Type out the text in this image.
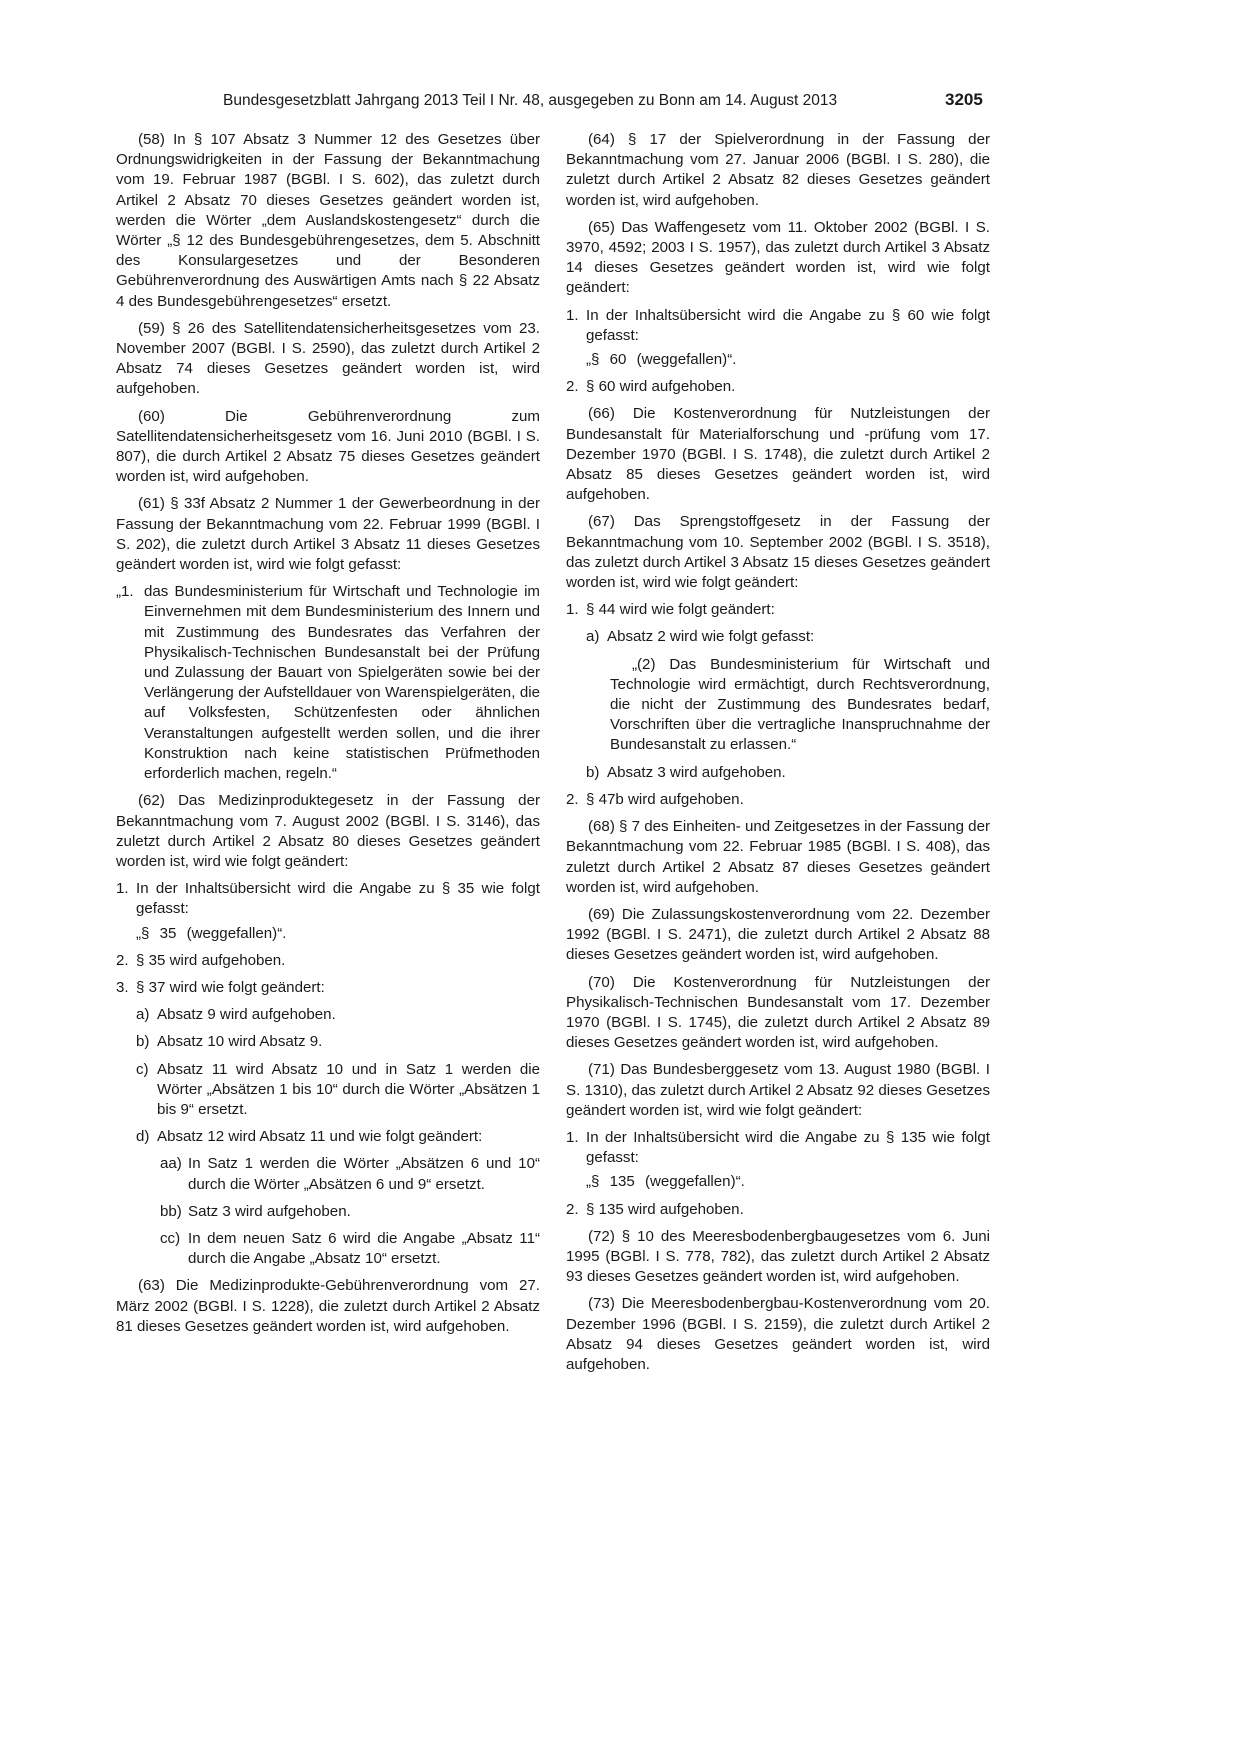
Bundesgesetzblatt Jahrgang 2013 Teil I Nr. 48, ausgegeben zu Bonn am 14. August 2013	3205

(58) In § 107 Absatz 3 Nummer 12 des Gesetzes über Ordnungswidrigkeiten in der Fassung der Bekanntmachung vom 19. Februar 1987 (BGBl. I S. 602), das zuletzt durch Artikel 2 Absatz 70 dieses Gesetzes geändert worden ist, werden die Wörter „dem Auslandskostengesetz“ durch die Wörter „§ 12 des Bundesgebührengesetzes, dem 5. Abschnitt des Konsulargesetzes und der Besonderen Gebührenverordnung des Auswärtigen Amts nach § 22 Absatz 4 des Bundesgebührengesetzes“ ersetzt.

(59) § 26 des Satellitendatensicherheitsgesetzes vom 23. November 2007 (BGBl. I S. 2590), das zuletzt durch Artikel 2 Absatz 74 dieses Gesetzes geändert worden ist, wird aufgehoben.

(60) Die Gebührenverordnung zum Satellitendatensicherheitsgesetz vom 16. Juni 2010 (BGBl. I S. 807), die durch Artikel 2 Absatz 75 dieses Gesetzes geändert worden ist, wird aufgehoben.

(61) § 33f Absatz 2 Nummer 1 der Gewerbeordnung in der Fassung der Bekanntmachung vom 22. Februar 1999 (BGBl. I S. 202), die zuletzt durch Artikel 3 Absatz 11 dieses Gesetzes geändert worden ist, wird wie folgt gefasst:

„1. das Bundesministerium für Wirtschaft und Technologie im Einvernehmen mit dem Bundesministerium des Innern und mit Zustimmung des Bundesrates das Verfahren der Physikalisch-Technischen Bundesanstalt bei der Prüfung und Zulassung der Bauart von Spielgeräten sowie bei der Verlängerung der Aufstelldauer von Warenspielgeräten, die auf Volksfesten, Schützenfesten oder ähnlichen Veranstaltungen aufgestellt werden sollen, und die ihrer Konstruktion nach keine statistischen Prüfmethoden erforderlich machen, regeln.“

(62) Das Medizinproduktegesetz in der Fassung der Bekanntmachung vom 7. August 2002 (BGBl. I S. 3146), das zuletzt durch Artikel 2 Absatz 80 dieses Gesetzes geändert worden ist, wird wie folgt geändert:

1. In der Inhaltsübersicht wird die Angabe zu § 35 wie folgt gefasst:
„§ 35 (weggefallen)“.
2. § 35 wird aufgehoben.
3. § 37 wird wie folgt geändert:
a) Absatz 9 wird aufgehoben.
b) Absatz 10 wird Absatz 9.
c) Absatz 11 wird Absatz 10 und in Satz 1 werden die Wörter „Absätzen 1 bis 10“ durch die Wörter „Absätzen 1 bis 9“ ersetzt.
d) Absatz 12 wird Absatz 11 und wie folgt geändert:
aa) In Satz 1 werden die Wörter „Absätzen 6 und 10“ durch die Wörter „Absätzen 6 und 9“ ersetzt.
bb) Satz 3 wird aufgehoben.
cc) In dem neuen Satz 6 wird die Angabe „Absatz 11“ durch die Angabe „Absatz 10“ ersetzt.

(63) Die Medizinprodukte-Gebührenverordnung vom 27. März 2002 (BGBl. I S. 1228), die zuletzt durch Artikel 2 Absatz 81 dieses Gesetzes geändert worden ist, wird aufgehoben.

(64) § 17 der Spielverordnung in der Fassung der Bekanntmachung vom 27. Januar 2006 (BGBl. I S. 280), die zuletzt durch Artikel 2 Absatz 82 dieses Gesetzes geändert worden ist, wird aufgehoben.

(65) Das Waffengesetz vom 11. Oktober 2002 (BGBl. I S. 3970, 4592; 2003 I S. 1957), das zuletzt durch Artikel 3 Absatz 14 dieses Gesetzes geändert worden ist, wird wie folgt geändert:

1. In der Inhaltsübersicht wird die Angabe zu § 60 wie folgt gefasst:
„§ 60 (weggefallen)“.
2. § 60 wird aufgehoben.

(66) Die Kostenverordnung für Nutzleistungen der Bundesanstalt für Materialforschung und -prüfung vom 17. Dezember 1970 (BGBl. I S. 1748), die zuletzt durch Artikel 2 Absatz 85 dieses Gesetzes geändert worden ist, wird aufgehoben.

(67) Das Sprengstoffgesetz in der Fassung der Bekanntmachung vom 10. September 2002 (BGBl. I S. 3518), das zuletzt durch Artikel 3 Absatz 15 dieses Gesetzes geändert worden ist, wird wie folgt geändert:

1. § 44 wird wie folgt geändert:
a) Absatz 2 wird wie folgt gefasst:

„(2) Das Bundesministerium für Wirtschaft und Technologie wird ermächtigt, durch Rechtsverordnung, die nicht der Zustimmung des Bundesrates bedarf, Vorschriften über die vertragliche Inanspruchnahme der Bundesanstalt zu erlassen.“

b) Absatz 3 wird aufgehoben.
2. § 47b wird aufgehoben.

(68) § 7 des Einheiten- und Zeitgesetzes in der Fassung der Bekanntmachung vom 22. Februar 1985 (BGBl. I S. 408), das zuletzt durch Artikel 2 Absatz 87 dieses Gesetzes geändert worden ist, wird aufgehoben.

(69) Die Zulassungskostenverordnung vom 22. Dezember 1992 (BGBl. I S. 2471), die zuletzt durch Artikel 2 Absatz 88 dieses Gesetzes geändert worden ist, wird aufgehoben.

(70) Die Kostenverordnung für Nutzleistungen der Physikalisch-Technischen Bundesanstalt vom 17. Dezember 1970 (BGBl. I S. 1745), die zuletzt durch Artikel 2 Absatz 89 dieses Gesetzes geändert worden ist, wird aufgehoben.

(71) Das Bundesberggesetz vom 13. August 1980 (BGBl. I S. 1310), das zuletzt durch Artikel 2 Absatz 92 dieses Gesetzes geändert worden ist, wird wie folgt geändert:

1. In der Inhaltsübersicht wird die Angabe zu § 135 wie folgt gefasst:
„§ 135 (weggefallen)“.
2. § 135 wird aufgehoben.

(72) § 10 des Meeresbodenbergbaugesetzes vom 6. Juni 1995 (BGBl. I S. 778, 782), das zuletzt durch Artikel 2 Absatz 93 dieses Gesetzes geändert worden ist, wird aufgehoben.

(73) Die Meeresbodenbergbau-Kostenverordnung vom 20. Dezember 1996 (BGBl. I S. 2159), die zuletzt durch Artikel 2 Absatz 94 dieses Gesetzes geändert worden ist, wird aufgehoben.
